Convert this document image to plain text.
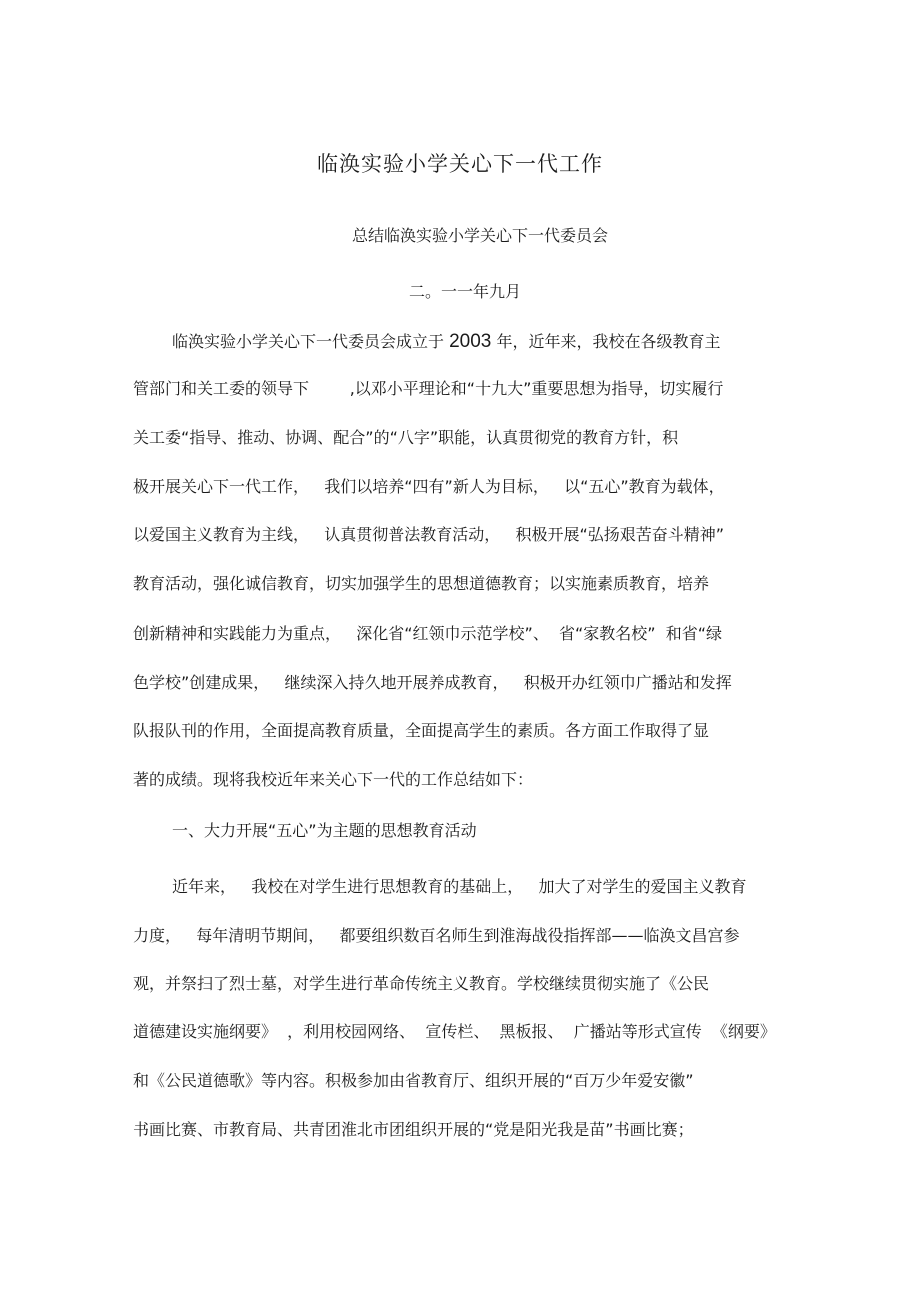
临涣实验小学关心下一代工作
总结临涣实验小学关心下一代委员会
二。一一年九月
临涣实验小学关心下一代委员会成立于 2003 年，近年来，我校在各级教育主
管部门和关工委的领导下        ,以邓小平理论和“十九大”重要思想为指导，切实履行
关工委“指导、推动、协调、配合”的“八字”职能，认真贯彻党的教育方针，积
极开展关心下一代工作，   我们以培养“四有”新人为目标，   以“五心”教育为载体，
以爱国主义教育为主线，   认真贯彻普法教育活动，   积极开展“弘扬艰苦奋斗精神”
教育活动，强化诚信教育，切实加强学生的思想道德教育；以实施素质教育，培养
创新精神和实践能力为重点，   深化省“红领巾示范学校”、  省“家教名校”  和省“绿
色学校”创建成果，   继续深入持久地开展养成教育，   积极开办红领巾广播站和发挥
队报队刊的作用，全面提高教育质量，全面提高学生的素质。各方面工作取得了显
著的成绩。现将我校近年来关心下一代的工作总结如下：
一、大力开展“五心”为主题的思想教育活动
近年来，   我校在对学生进行思想教育的基础上，   加大了对学生的爱国主义教育
力度，   每年清明节期间，   都要组织数百名师生到淮海战役指挥部——临涣文昌宫参
观，并祭扫了烈士墓，对学生进行革命传统主义教育。学校继续贯彻实施了《公民
道德建设实施纲要》  ，利用校园网络、  宣传栏、  黑板报、  广播站等形式宣传  《纲要》
和《公民道德歌》等内容。积极参加由省教育厅、组织开展的“百万少年爱安徽”
书画比赛、市教育局、共青团淮北市团组织开展的“党是阳光我是苗”书画比赛；
